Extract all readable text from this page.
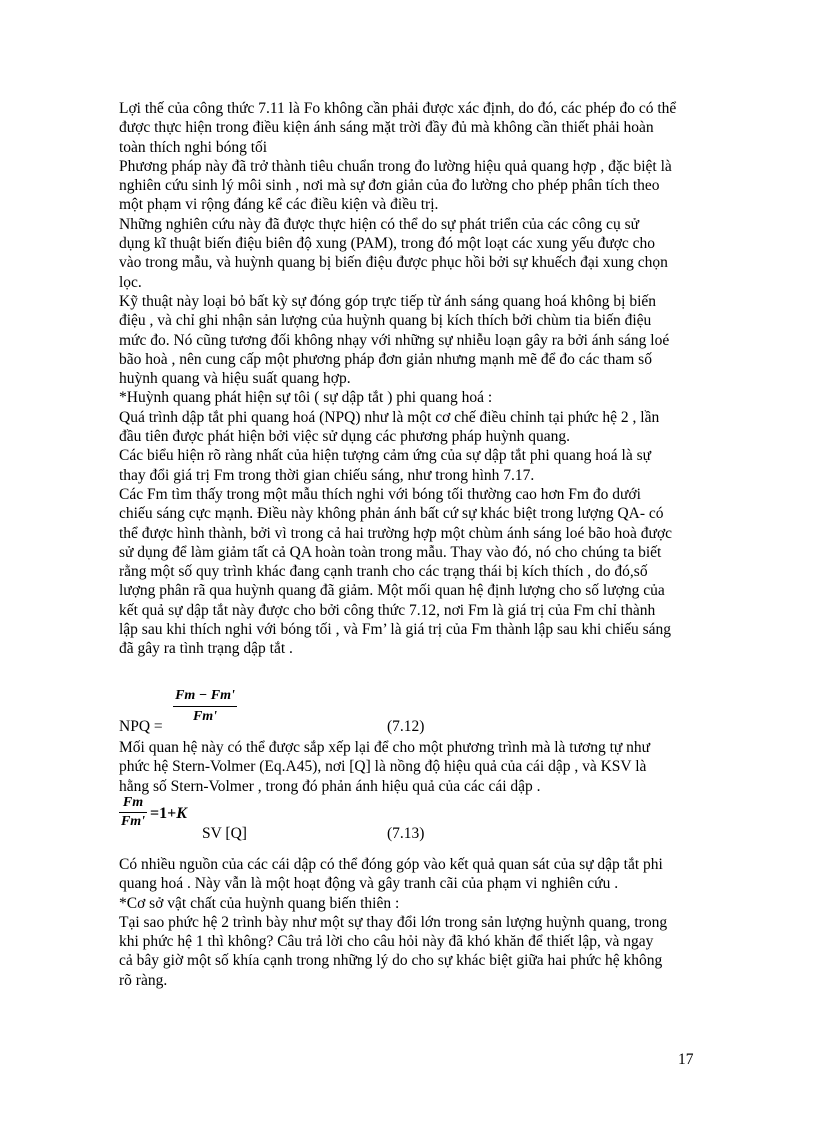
Lợi thế của công thức 7.11 là Fo không cần phải được xác định, do đó, các phép đo có thể
được thực hiện trong điều kiện ánh sáng mặt trời đầy đủ mà không cần thiết phải hoàn
toàn thích nghi bóng tối
Phương pháp này đã trở thành tiêu chuẩn trong đo lường hiệu quả quang hợp , đặc biệt là
nghiên cứu sinh lý môi sinh , nơi mà sự đơn giản của đo lường cho phép phân tích theo
một phạm vi rộng đáng kể các điều kiện và điều trị.
Những nghiên cứu này đã được thực hiện có thể do sự phát triển của các công cụ sử
dụng kĩ thuật biến điệu biên độ xung (PAM), trong đó một loạt các xung yếu được cho
vào trong mẫu, và huỳnh quang bị biến điệu được phục hồi bởi sự khuếch đại xung chọn
lọc.
Kỹ thuật này loại bỏ bất kỳ sự đóng góp trực tiếp từ ánh sáng quang hoá không bị biến
điệu , và chỉ ghi nhận sản lượng của huỳnh quang bị kích thích bởi chùm tia biến điệu
mức đo. Nó cũng tương đối không nhạy với những sự nhiễu loạn gây ra bởi ánh sáng loé
bão hoà , nên cung cấp một phương pháp đơn giản nhưng mạnh mẽ để đo các tham số
huỳnh quang và hiệu suất quang hợp.
*Huỳnh quang phát hiện sự tôi ( sự dập tắt ) phi quang hoá :
Quá trình dập tắt phi quang hoá (NPQ) như là một cơ chế điều chỉnh tại phức hệ 2 , lần
đầu tiên được phát hiện bởi việc sử dụng các phương pháp huỳnh quang.
Các biểu hiện rõ ràng nhất của hiện tượng cảm ứng của sự dập tắt phi quang hoá là sự
thay đổi giá trị Fm trong thời gian chiếu sáng, như trong hình 7.17.
Các Fm tìm thấy trong một mẫu thích nghi với bóng tối thường cao hơn Fm đo dưới
chiếu sáng cực mạnh. Điều này không phản ánh bất cứ sự khác biệt trong lượng QA- có
thể được hình thành, bởi vì trong cả hai trường hợp một chùm ánh sáng loé bão hoà được
sử dụng để làm giảm tất cả QA hoàn toàn trong mẫu. Thay vào đó, nó cho chúng ta biết
rằng một số quy trình khác đang cạnh tranh cho các trạng thái bị kích thích , do đó,số
lượng phân rã qua huỳnh quang đã giảm. Một mối quan hệ định lượng cho số lượng của
kết quả sự dập tắt này được cho bởi công thức 7.12, nơi Fm là giá trị của Fm chỉ thành
lập sau khi thích nghi với bóng tối , và Fm’ là giá trị của Fm thành lập sau khi chiếu sáng
đã gây ra tình trạng dập tắt .
NPQ =
$\frac{Fm - Fm'}{Fm'}$
(7.12)
Mối quan hệ này có thể được sắp xếp lại để cho một phương trình mà là tương tự như
phức hệ Stern-Volmer (Eq.A45), nơi [Q] là nồng độ hiệu quả của cái dập , và KSV là
hằng số Stern-Volmer , trong đó phản ánh hiệu quả của các cái dập .
$\frac{Fm}{Fm'} =1+K$
SV [Q]	(7.13)
Có nhiều nguồn của các cái dập có thể đóng góp vào kết quả quan sát của sự dập tắt phi
quang hoá . Này vẫn là một hoạt động và gây tranh cãi của phạm vi nghiên cứu .
*Cơ sở vật chất của huỳnh quang biến thiên :
Tại sao phức hệ 2 trình bày như một sự thay đổi lớn trong sản lượng huỳnh quang, trong
khi phức hệ 1 thì không? Câu trả lời cho câu hỏi này đã khó khăn để thiết lập, và ngay
cả bây giờ một số khía cạnh trong những lý do cho sự khác biệt giữa hai phức hệ không
rõ ràng.
17
